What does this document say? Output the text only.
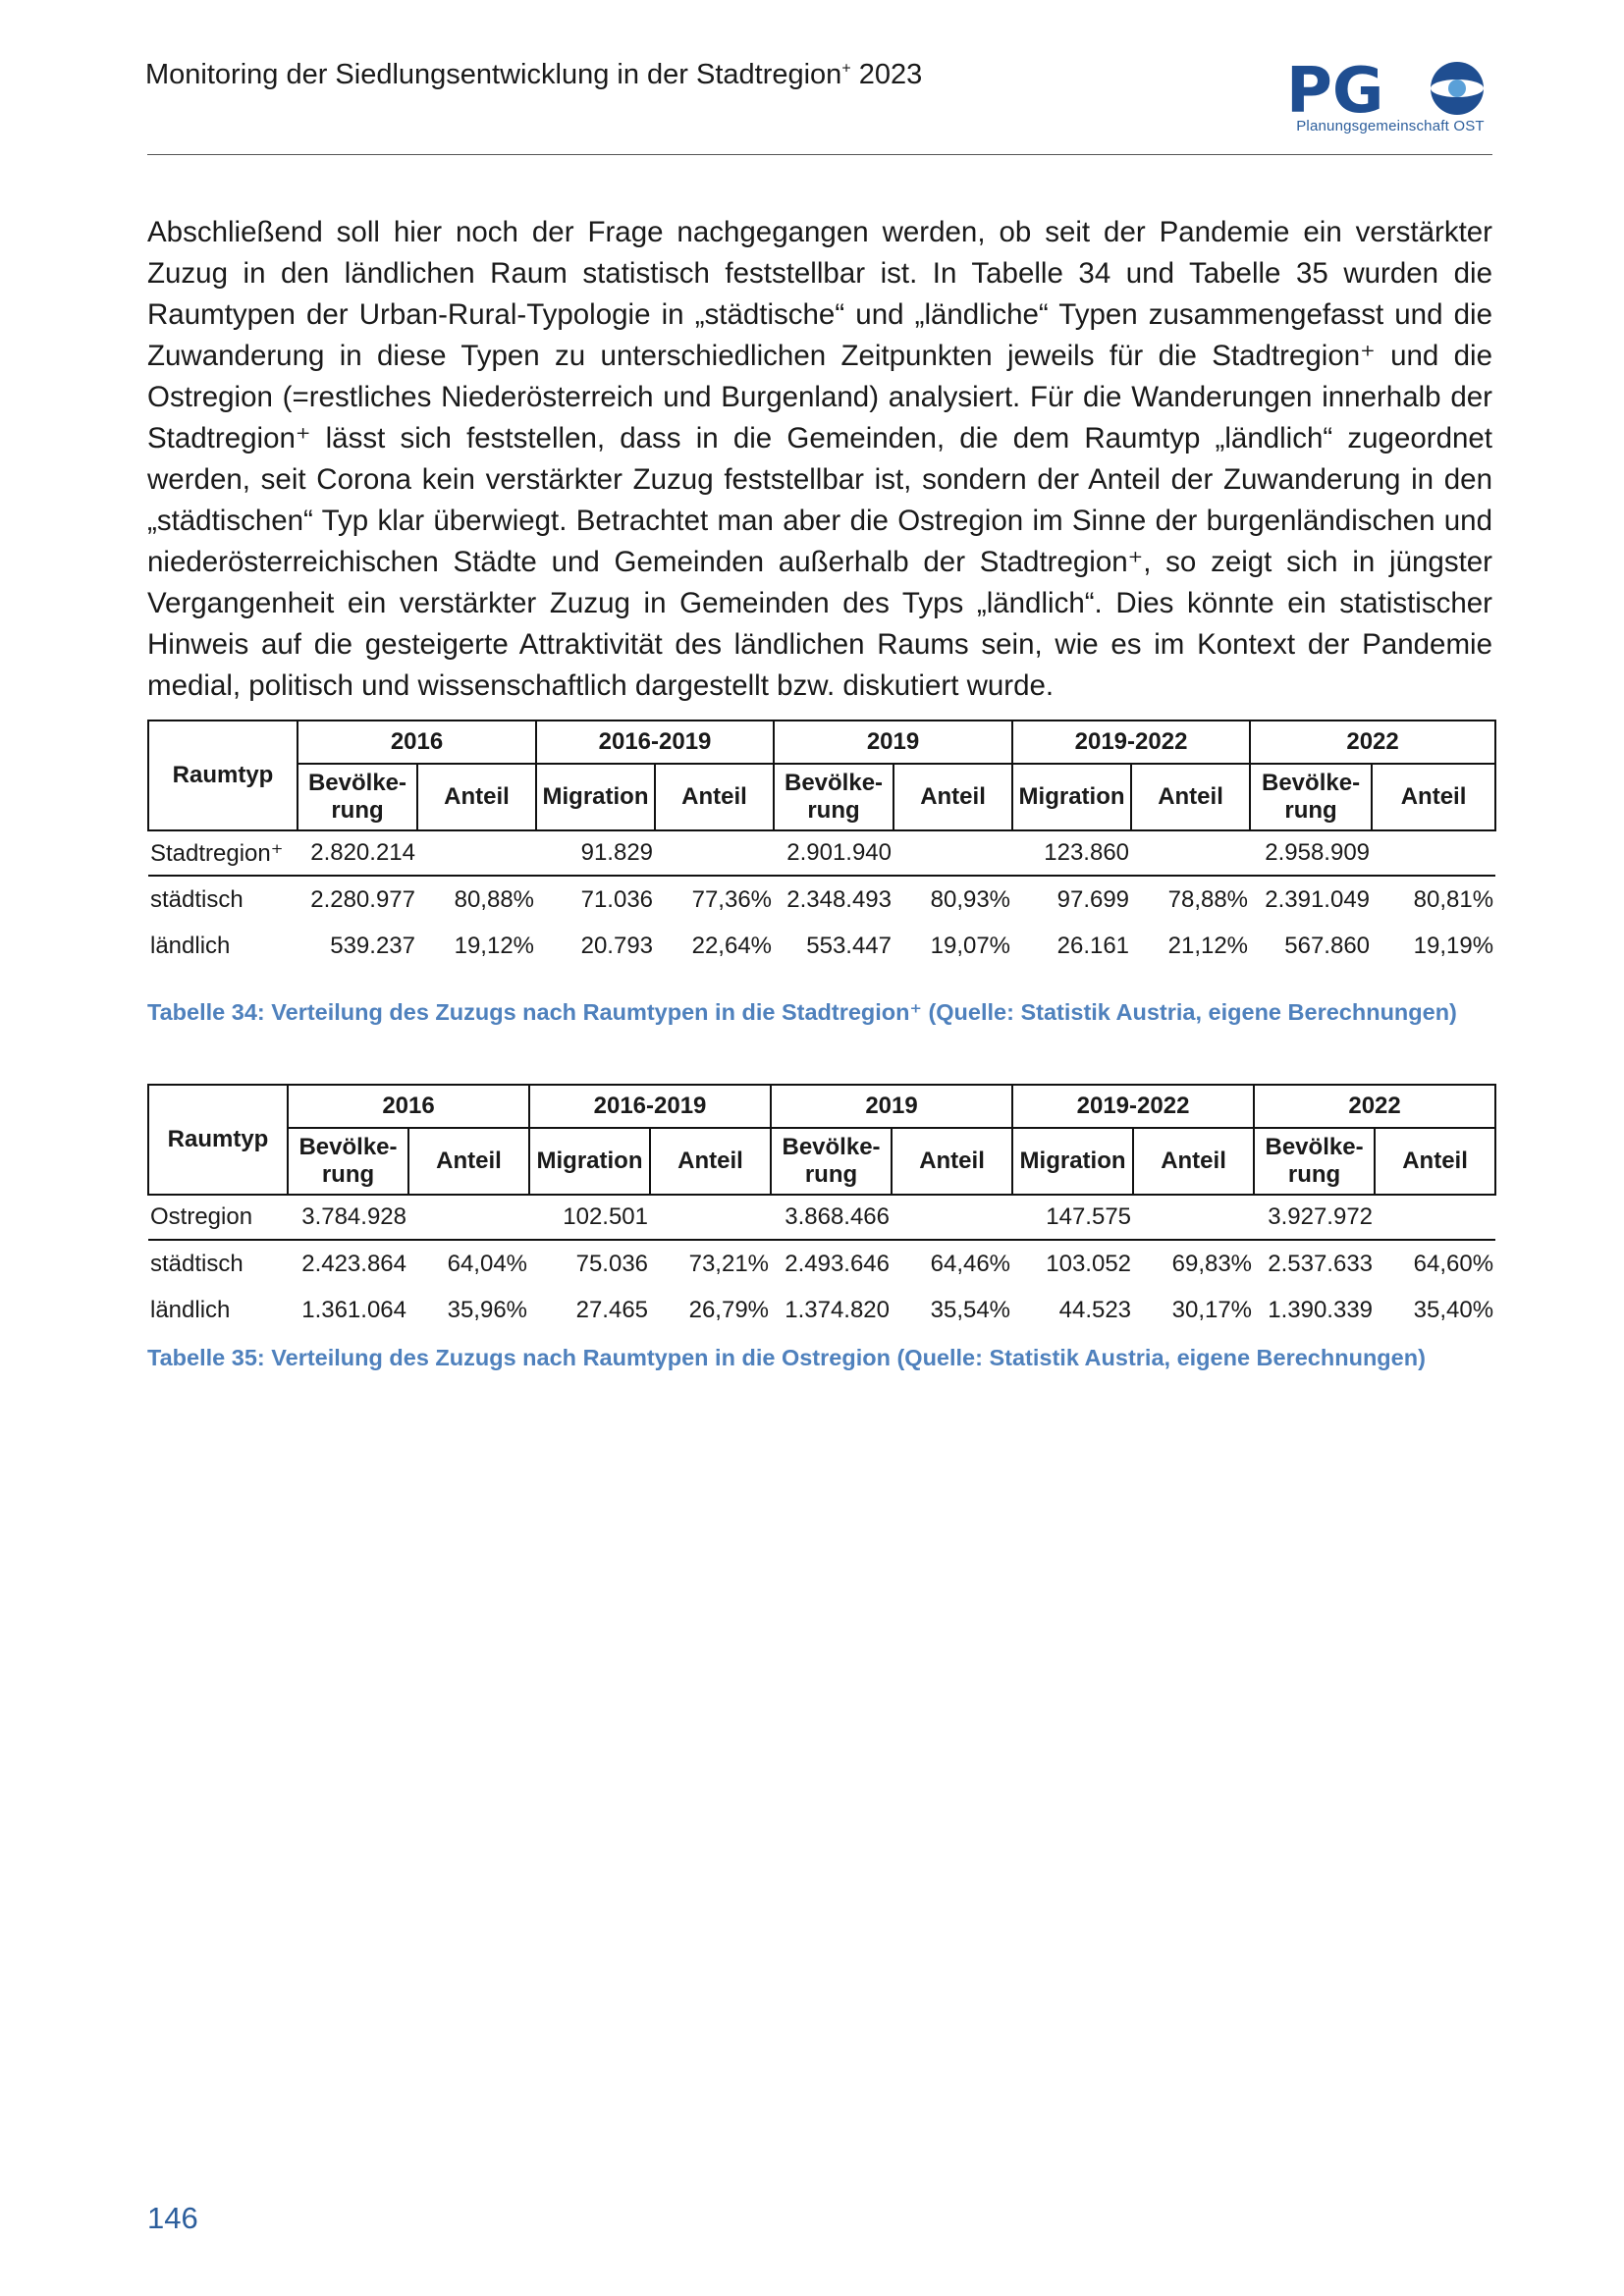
Monitoring der Siedlungsentwicklung in der Stadtregion+ 2023	PG
Planungsgemeinschaft OST

Abschließend soll hier noch der Frage nachgegangen werden, ob seit der Pandemie ein verstärkter Zuzug in den ländlichen Raum statistisch feststellbar ist. In Tabelle 34 und Tabelle 35 wurden die Raumtypen der Urban-Rural-Typologie in „städtische“ und „ländliche“ Typen zusammengefasst und die Zuwanderung in diese Typen zu unterschiedlichen Zeitpunkten jeweils für die Stadtregion⁺ und die Ostregion (=restliches Niederösterreich und Burgenland) analysiert. Für die Wanderungen innerhalb der Stadtregion⁺ lässt sich feststellen, dass in die Gemeinden, die dem Raumtyp „ländlich“ zugeordnet werden, seit Corona kein verstärkter Zuzug feststellbar ist, sondern der Anteil der Zuwanderung in den „städtischen“ Typ klar überwiegt. Betrachtet man aber die Ostregion im Sinne der burgenländischen und niederösterreichischen Städte und Gemeinden außerhalb der Stadtregion⁺, so zeigt sich in jüngster Vergangenheit ein verstärkter Zuzug in Gemeinden des Typs „ländlich“. Dies könnte ein statistischer Hinweis auf die gesteigerte Attraktivität des ländlichen Raums sein, wie es im Kontext der Pandemie medial, politisch und wissenschaftlich dargestellt bzw. diskutiert wurde.

Raumtyp	2016		2016-2019		2019		2019-2022		2022	
	Bevölkerung	Anteil	Migration	Anteil	Bevölkerung	Anteil	Migration	Anteil	Bevölkerung	Anteil
Stadtregion⁺	2.820.214		91.829		2.901.940		123.860		2.958.909	
städtisch	2.280.977	80,88%	71.036	77,36%	2.348.493	80,93%	97.699	78,88%	2.391.049	80,81%
ländlich	539.237	19,12%	20.793	22,64%	553.447	19,07%	26.161	21,12%	567.860	19,19%
Tabelle 34: Verteilung des Zuzugs nach Raumtypen in die Stadtregion⁺ (Quelle: Statistik Austria, eigene Berechnungen)
Raumtyp	2016		2016-2019		2019		2019-2022		2022	
	Bevölkerung	Anteil	Migration	Anteil	Bevölkerung	Anteil	Migration	Anteil	Bevölkerung	Anteil
Ostregion	3.784.928		102.501		3.868.466		147.575		3.927.972	
städtisch	2.423.864	64,04%	75.036	73,21%	2.493.646	64,46%	103.052	69,83%	2.537.633	64,60%
ländlich	1.361.064	35,96%	27.465	26,79%	1.374.820	35,54%	44.523	30,17%	1.390.339	35,40%
Tabelle 35: Verteilung des Zuzugs nach Raumtypen in die Ostregion (Quelle: Statistik Austria, eigene Berechnungen)
146
